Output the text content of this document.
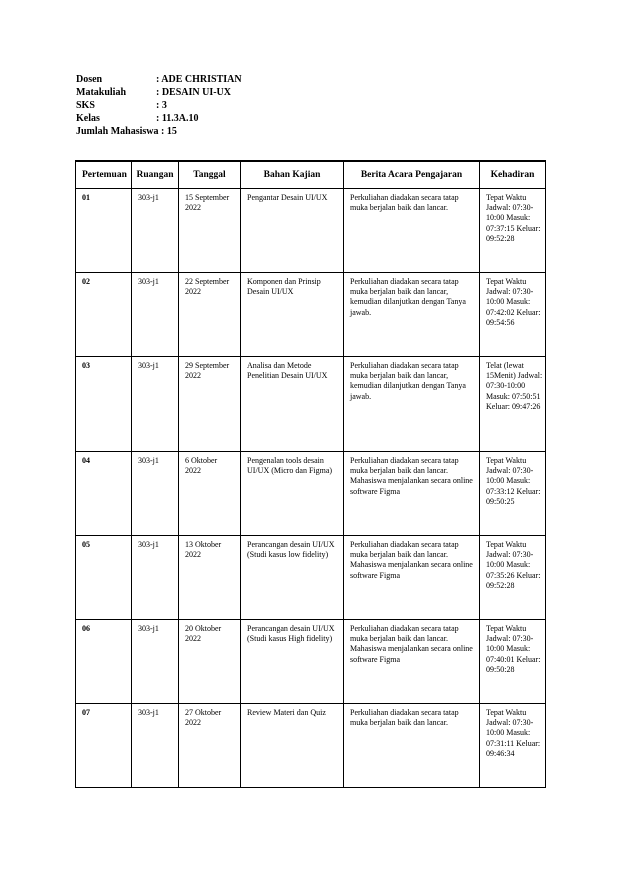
Dosen	: ADE CHRISTIAN
Matakuliah	: DESAIN UI-UX
SKS	: 3
Kelas	: 11.3A.10
Jumlah Mahasiswa : 15
Pertemuan	Ruangan	Tanggal	Bahan Kajian	Berita Acara Pengajaran	Kehadiran
01	303-j1	15 September 2022	Pengantar Desain UI/UX	Perkuliahan diadakan secara tatap muka berjalan baik dan lancar.	Tepat Waktu Jadwal: 07:30-10:00 Masuk: 07:37:15 Keluar: 09:52:28
02	303-j1	22 September 2022	Komponen dan Prinsip Desain UI/UX	Perkuliahan diadakan secara tatap muka berjalan baik dan lancar, kemudian dilanjutkan dengan Tanya jawab.	Tepat Waktu Jadwal: 07:30-10:00 Masuk: 07:42:02 Keluar: 09:54:56
03	303-j1	29 September 2022	Analisa dan Metode Penelitian Desain UI/UX	Perkuliahan diadakan secara tatap muka berjalan baik dan lancar, kemudian dilanjutkan dengan Tanya jawab.	Telat (lewat 15Menit) Jadwal: 07:30-10:00 Masuk: 07:50:51 Keluar: 09:47:26
04	303-j1	6 Oktober 2022	Pengenalan tools desain UI/UX (Micro dan Figma)	Perkuliahan diadakan secara tatap muka berjalan baik dan lancar. Mahasiswa menjalankan secara online software Figma	Tepat Waktu Jadwal: 07:30-10:00 Masuk: 07:33:12 Keluar: 09:50:25
05	303-j1	13 Oktober 2022	Perancangan desain UI/UX (Studi kasus low fidelity)	Perkuliahan diadakan secara tatap muka berjalan baik dan lancar. Mahasiswa menjalankan secara online software Figma	Tepat Waktu Jadwal: 07:30-10:00 Masuk: 07:35:26 Keluar: 09:52:28
06	303-j1	20 Oktober 2022	Perancangan desain UI/UX (Studi kasus High fidelity)	Perkuliahan diadakan secara tatap muka berjalan baik dan lancar. Mahasiswa menjalankan secara online software Figma	Tepat Waktu Jadwal: 07:30-10:00 Masuk: 07:40:01 Keluar: 09:50:28
07	303-j1	27 Oktober 2022	Review Materi dan Quiz	Perkuliahan diadakan secara tatap muka berjalan baik dan lancar.	Tepat Waktu Jadwal: 07:30-10:00 Masuk: 07:31:11 Keluar: 09:46:34
